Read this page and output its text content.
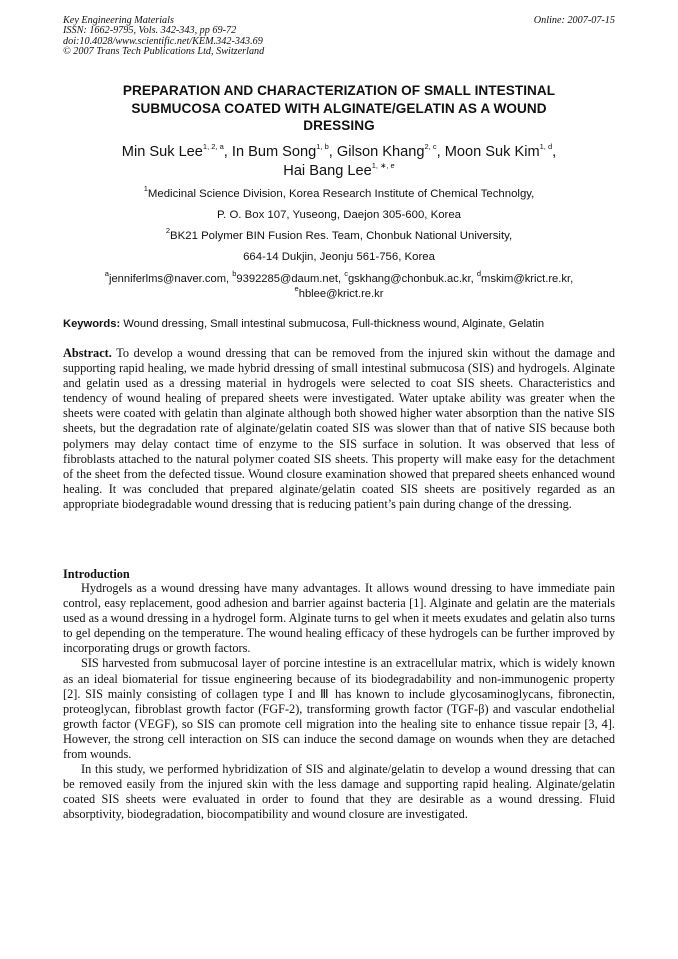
Key Engineering Materials
ISSN: 1662-9795, Vols. 342-343, pp 69-72
doi:10.4028/www.scientific.net/KEM.342-343.69
© 2007 Trans Tech Publications Ltd, Switzerland
Online: 2007-07-15
PREPARATION AND CHARACTERIZATION OF SMALL INTESTINAL
SUBMUCOSA COATED WITH ALGINATE/GELATIN AS A WOUND
DRESSING
Min Suk Lee$^{1, 2, a}$, In Bum Song$^{1, b}$, Gilson Khang$^{2, c}$, Moon Suk Kim$^{1, d}$,
Hai Bang Lee$^{1, ∗, e}$
$^1$Medicinal Science Division, Korea Research Institute of Chemical Technolgy,
P. O. Box 107, Yuseong, Daejon 305-600, Korea
$^2$BK21 Polymer BIN Fusion Res. Team, Chonbuk National University,
664-14 Dukjin, Jeonju 561-756, Korea
$^a$jenniferlms@naver.com, $^b$9392285@daum.net, $^c$gskhang@chonbuk.ac.kr, $^d$mskim@krict.re.kr,
$^e$hblee@krict.re.kr
Keywords: Wound dressing, Small intestinal submucosa, Full-thickness wound, Alginate, Gelatin
Abstract. To develop a wound dressing that can be removed from the injured skin without the damage and supporting rapid healing, we made hybrid dressing of small intestinal submucosa (SIS) and hydrogels. Alginate and gelatin used as a dressing material in hydrogels were selected to coat SIS sheets. Characteristics and tendency of wound healing of prepared sheets were investigated. Water uptake ability was greater when the sheets were coated with gelatin than alginate although both showed higher water absorption than the native SIS sheets, but the degradation rate of alginate/gelatin coated SIS was slower than that of native SIS because both polymers may delay contact time of enzyme to the SIS surface in solution. It was observed that less of fibroblasts attached to the natural polymer coated SIS sheets. This property will make easy for the detachment of the sheet from the defected tissue. Wound closure examination showed that prepared sheets enhanced wound healing. It was concluded that prepared alginate/gelatin coated SIS sheets are positively regarded as an appropriate biodegradable wound dressing that is reducing patient’s pain during change of the dressing.
Introduction

Hydrogels as a wound dressing have many advantages. It allows wound dressing to have immediate pain control, easy replacement, good adhesion and barrier against bacteria [1]. Alginate and gelatin are the materials used as a wound dressing in a hydrogel form. Alginate turns to gel when it meets exudates and gelatin also turns to gel depending on the temperature. The wound healing efficacy of these hydrogels can be further improved by incorporating drugs or growth factors.

SIS harvested from submucosal layer of porcine intestine is an extracellular matrix, which is widely known as an ideal biomaterial for tissue engineering because of its biodegradability and non-immunogenic property [2]. SIS mainly consisting of collagen type I and Ⅲ has known to include glycosaminoglycans, fibronectin, proteoglycan, fibroblast growth factor (FGF-2), transforming growth factor (TGF-β) and vascular endothelial growth factor (VEGF), so SIS can promote cell migration into the healing site to enhance tissue repair [3, 4]. However, the strong cell interaction on SIS can induce the second damage on wounds when they are detached from wounds.

In this study, we performed hybridization of SIS and alginate/gelatin to develop a wound dressing that can be removed easily from the injured skin with the less damage and supporting rapid healing. Alginate/gelatin coated SIS sheets were evaluated in order to found that they are desirable as a wound dressing. Fluid absorptivity, biodegradation, biocompatibility and wound closure are investigated.
